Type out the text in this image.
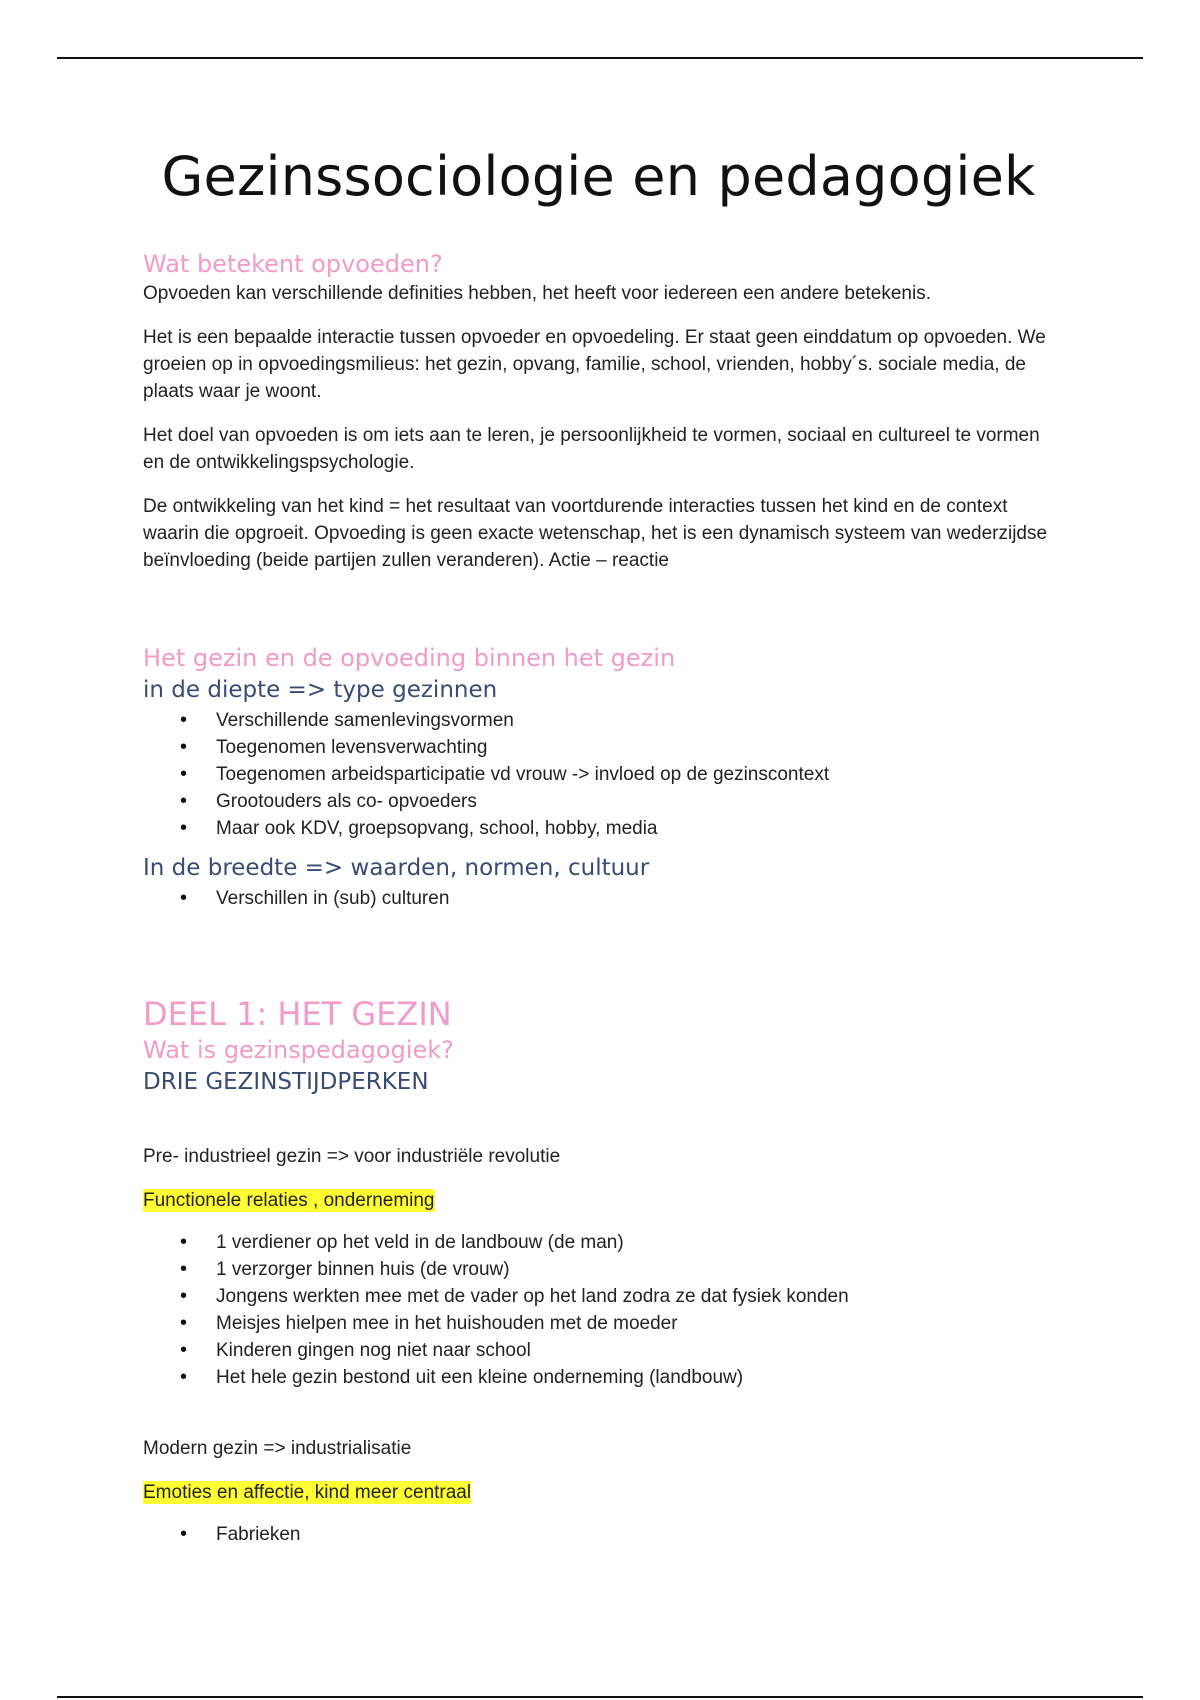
Gezinssociologie en pedagogiek
Wat betekent opvoeden?

Opvoeden kan verschillende definities hebben, het heeft voor iedereen een andere betekenis.

Het is een bepaalde interactie tussen opvoeder en opvoedeling. Er staat geen einddatum op opvoeden. We groeien op in opvoedingsmilieus: het gezin, opvang, familie, school, vrienden, hobby´s. sociale media, de plaats waar je woont.

Het doel van opvoeden is om iets aan te leren, je persoonlijkheid te vormen, sociaal en cultureel te vormen en de ontwikkelingspsychologie.

De ontwikkeling van het kind = het resultaat van voortdurende interacties tussen het kind en de context waarin die opgroeit. Opvoeding is geen exacte wetenschap, het is een dynamisch systeem van wederzijdse beïnvloeding (beide partijen zullen veranderen). Actie – reactie

Het gezin en de opvoeding binnen het gezin
in de diepte => type gezinnen
• Verschillende samenlevingsvormen
• Toegenomen levensverwachting
• Toegenomen arbeidsparticipatie vd vrouw -> invloed op de gezinscontext
• Grootouders als co- opvoeders
• Maar ook KDV, groepsopvang, school, hobby, media
In de breedte => waarden, normen, cultuur
• Verschillen in (sub) culturen
DEEL 1: HET GEZIN
Wat is gezinspedagogiek?
DRIE GEZINSTIJDPERKEN

Pre- industrieel gezin => voor industriële revolutie

Functionele relaties , onderneming

• 1 verdiener op het veld in de landbouw (de man)
• 1 verzorger binnen huis (de vrouw)
• Jongens werkten mee met de vader op het land zodra ze dat fysiek konden
• Meisjes hielpen mee in het huishouden met de moeder
• Kinderen gingen nog niet naar school
• Het hele gezin bestond uit een kleine onderneming (landbouw)

Modern gezin => industrialisatie

Emoties en affectie, kind meer centraal

• Fabrieken
